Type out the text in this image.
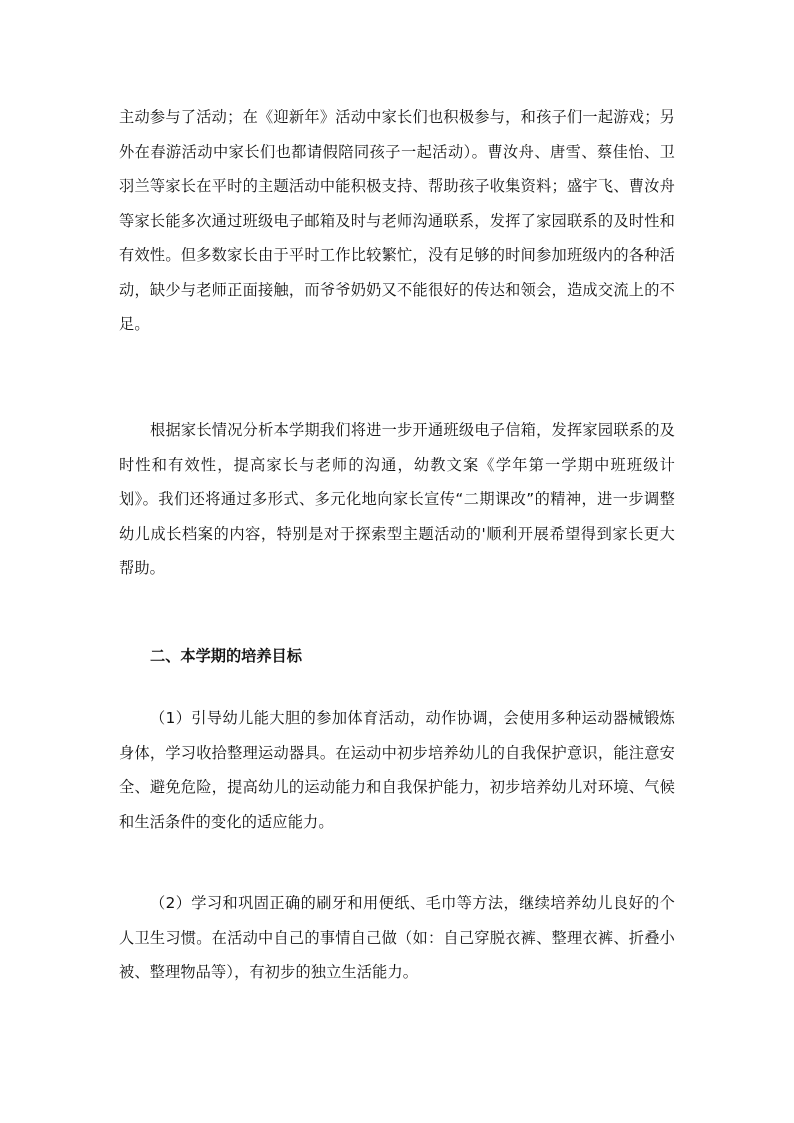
主动参与了活动；在《迎新年》活动中家长们也积极参与，和孩子们一起游戏；另外在春游活动中家长们也都请假陪同孩子一起活动）。曹汝舟、唐雪、蔡佳怡、卫羽兰等家长在平时的主题活动中能积极支持、帮助孩子收集资料；盛宇飞、曹汝舟等家长能多次通过班级电子邮箱及时与老师沟通联系，发挥了家园联系的及时性和有效性。但多数家长由于平时工作比较繁忙，没有足够的时间参加班级内的各种活动，缺少与老师正面接触，而爷爷奶奶又不能很好的传达和领会，造成交流上的不足。

根据家长情况分析本学期我们将进一步开通班级电子信箱，发挥家园联系的及时性和有效性，提高家长与老师的沟通，幼教文案《学年第一学期中班班级计划》。我们还将通过多形式、多元化地向家长宣传“二期课改”的精神，进一步调整幼儿成长档案的内容，特别是对于探索型主题活动的'顺利开展希望得到家长更大帮助。

二、本学期的培养目标

（1）引导幼儿能大胆的参加体育活动，动作协调，会使用多种运动器械锻炼身体，学习收拾整理运动器具。在运动中初步培养幼儿的自我保护意识，能注意安全、避免危险，提高幼儿的运动能力和自我保护能力，初步培养幼儿对环境、气候和生活条件的变化的适应能力。

（2）学习和巩固正确的刷牙和用便纸、毛巾等方法，继续培养幼儿良好的个人卫生习惯。在活动中自己的事情自己做（如：自己穿脱衣裤、整理衣裤、折叠小被、整理物品等），有初步的独立生活能力。
